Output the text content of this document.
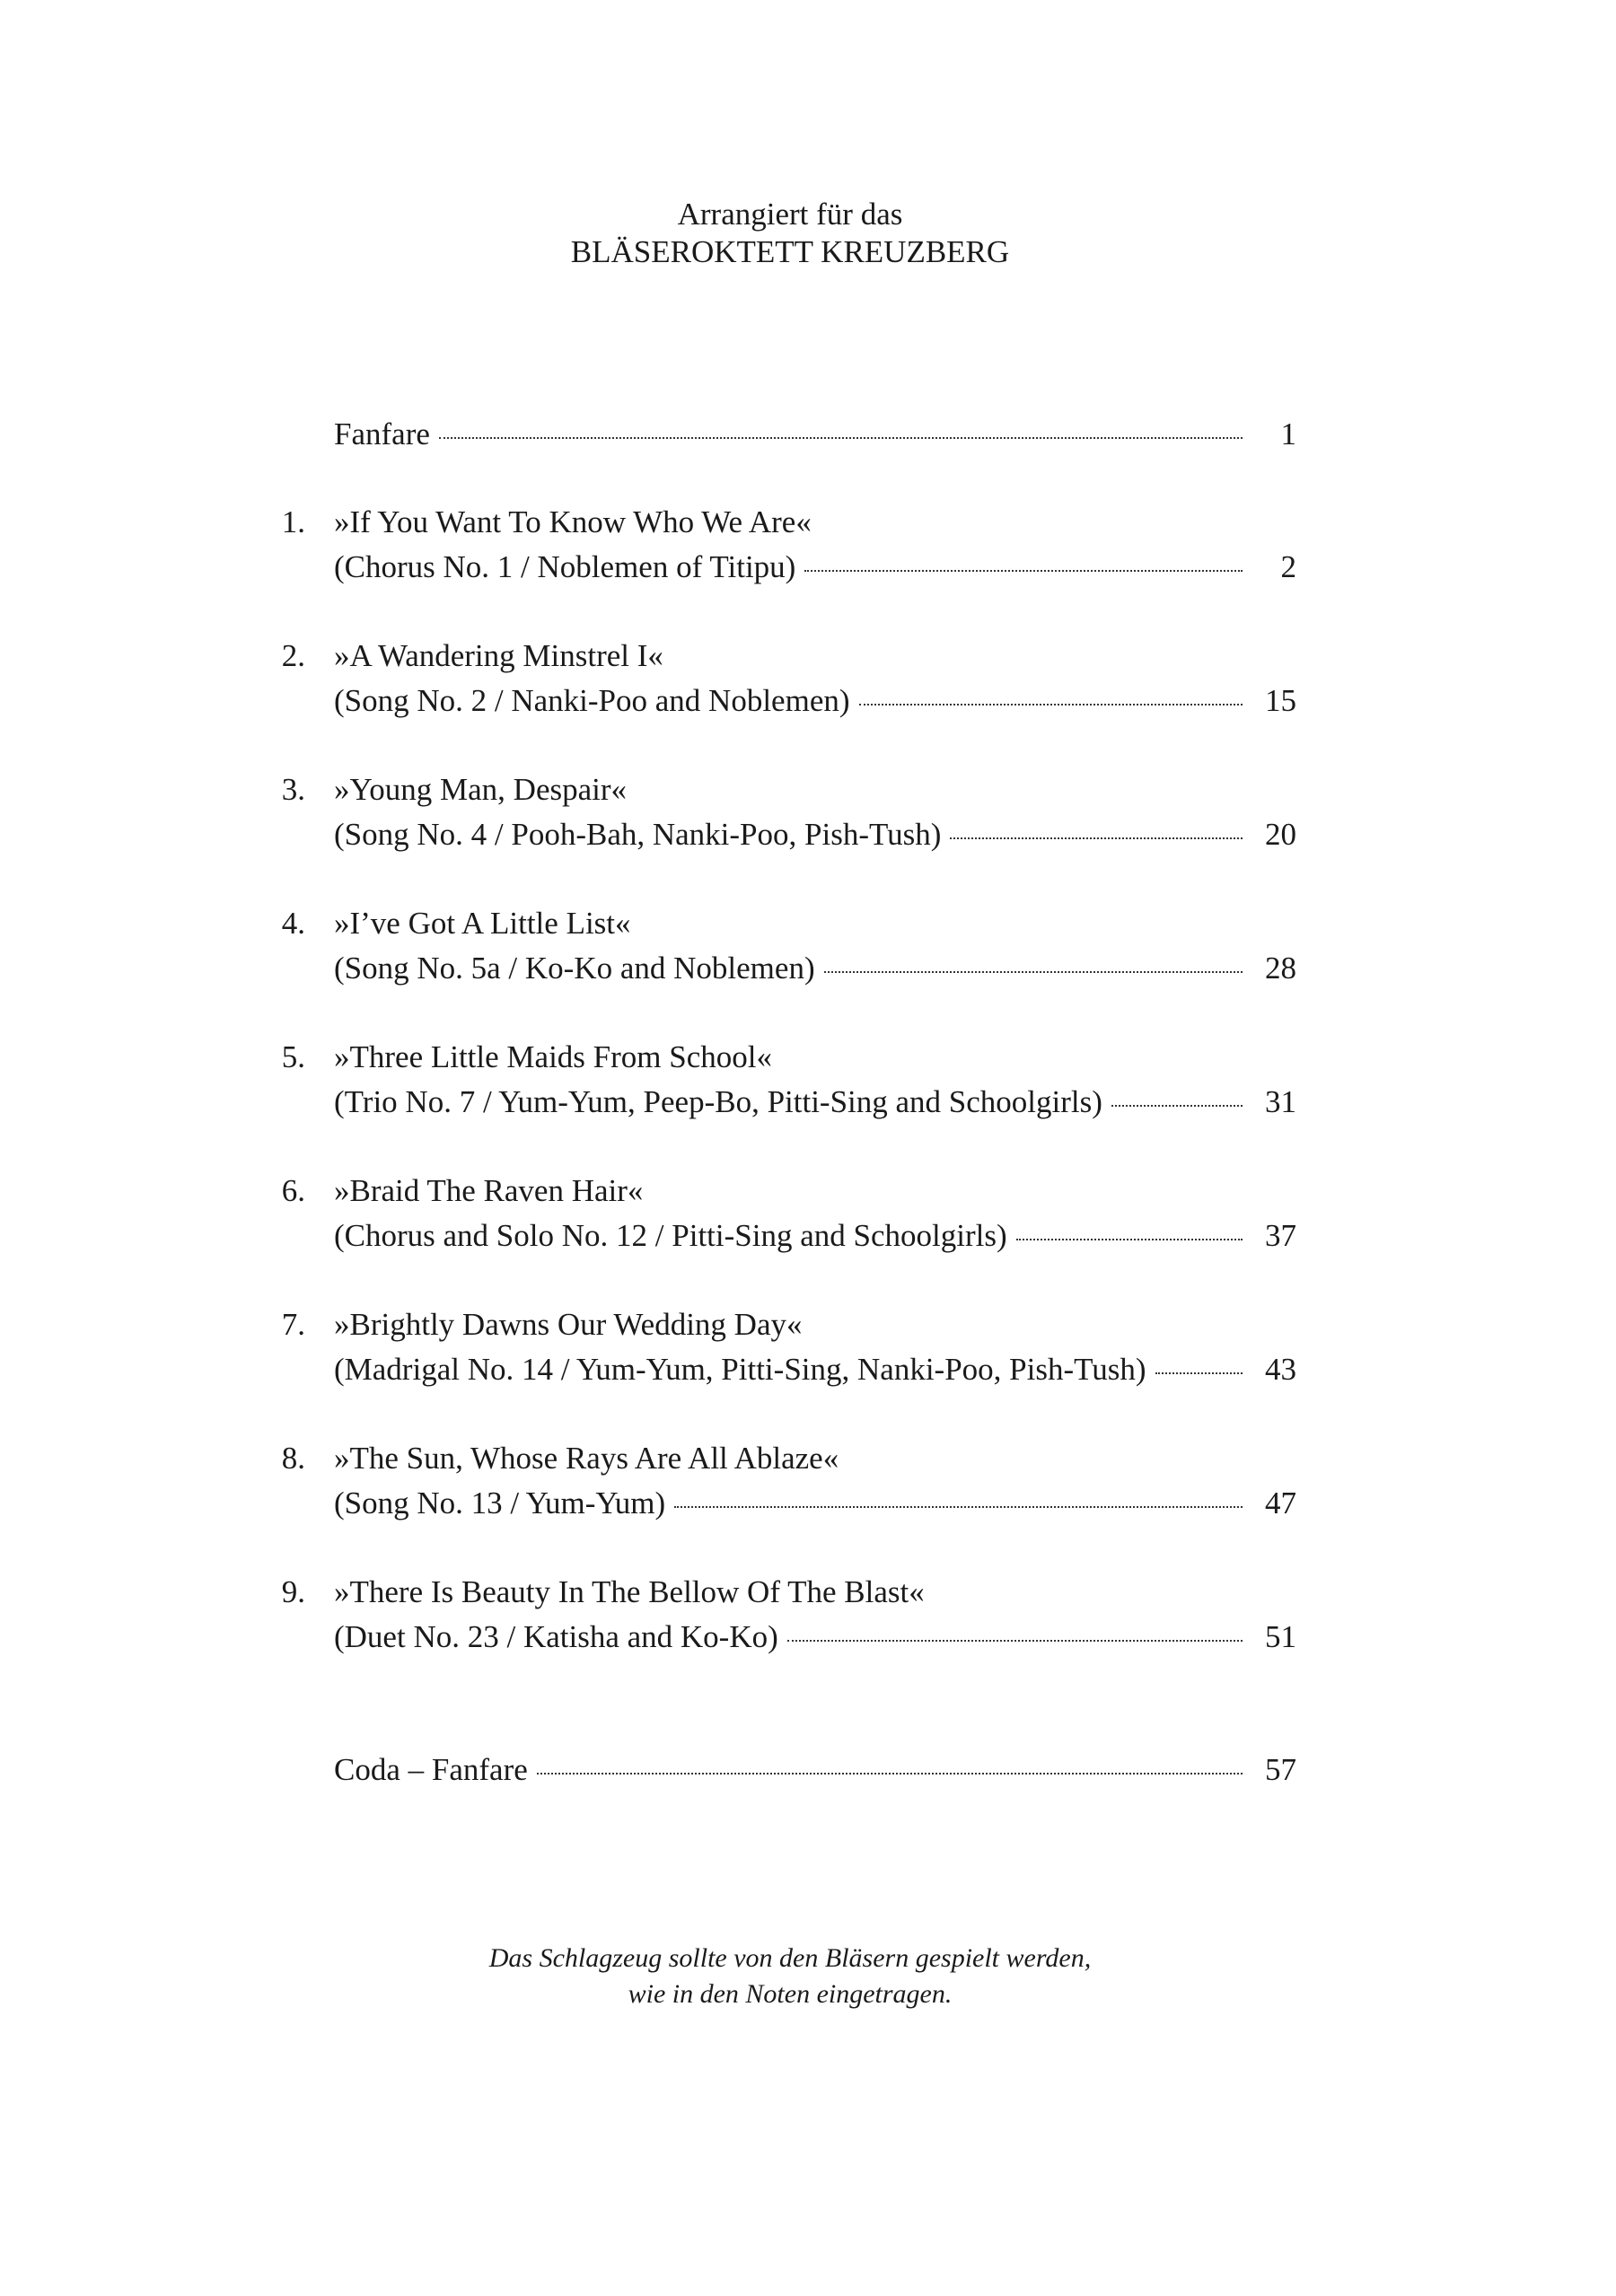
Arrangiert für das
BLÄSEROKTETT KREUZBERG
Fanfare	1
1. »If You Want To Know Who We Are«
(Chorus No. 1 / Noblemen of Titipu)	2
2. »A Wandering Minstrel I«
(Song No. 2 / Nanki-Poo and Noblemen)	15
3. »Young Man, Despair«
(Song No. 4 / Pooh-Bah, Nanki-Poo, Pish-Tush)	20
4. »I’ve Got A Little List«
(Song No. 5a / Ko-Ko and Noblemen)	28
5. »Three Little Maids From School«
(Trio No. 7 / Yum-Yum, Peep-Bo, Pitti-Sing and Schoolgirls)	31
6. »Braid The Raven Hair«
(Chorus and Solo No. 12 / Pitti-Sing and Schoolgirls)	37
7. »Brightly Dawns Our Wedding Day«
(Madrigal No. 14 / Yum-Yum, Pitti-Sing, Nanki-Poo, Pish-Tush)	43
8. »The Sun, Whose Rays Are All Ablaze«
(Song No. 13 / Yum-Yum)	47
9. »There Is Beauty In The Bellow Of The Blast«
(Duet No. 23 / Katisha and Ko-Ko)	51
Coda – Fanfare	57
Das Schlagzeug sollte von den Bläsern gespielt werden,
wie in den Noten eingetragen.
